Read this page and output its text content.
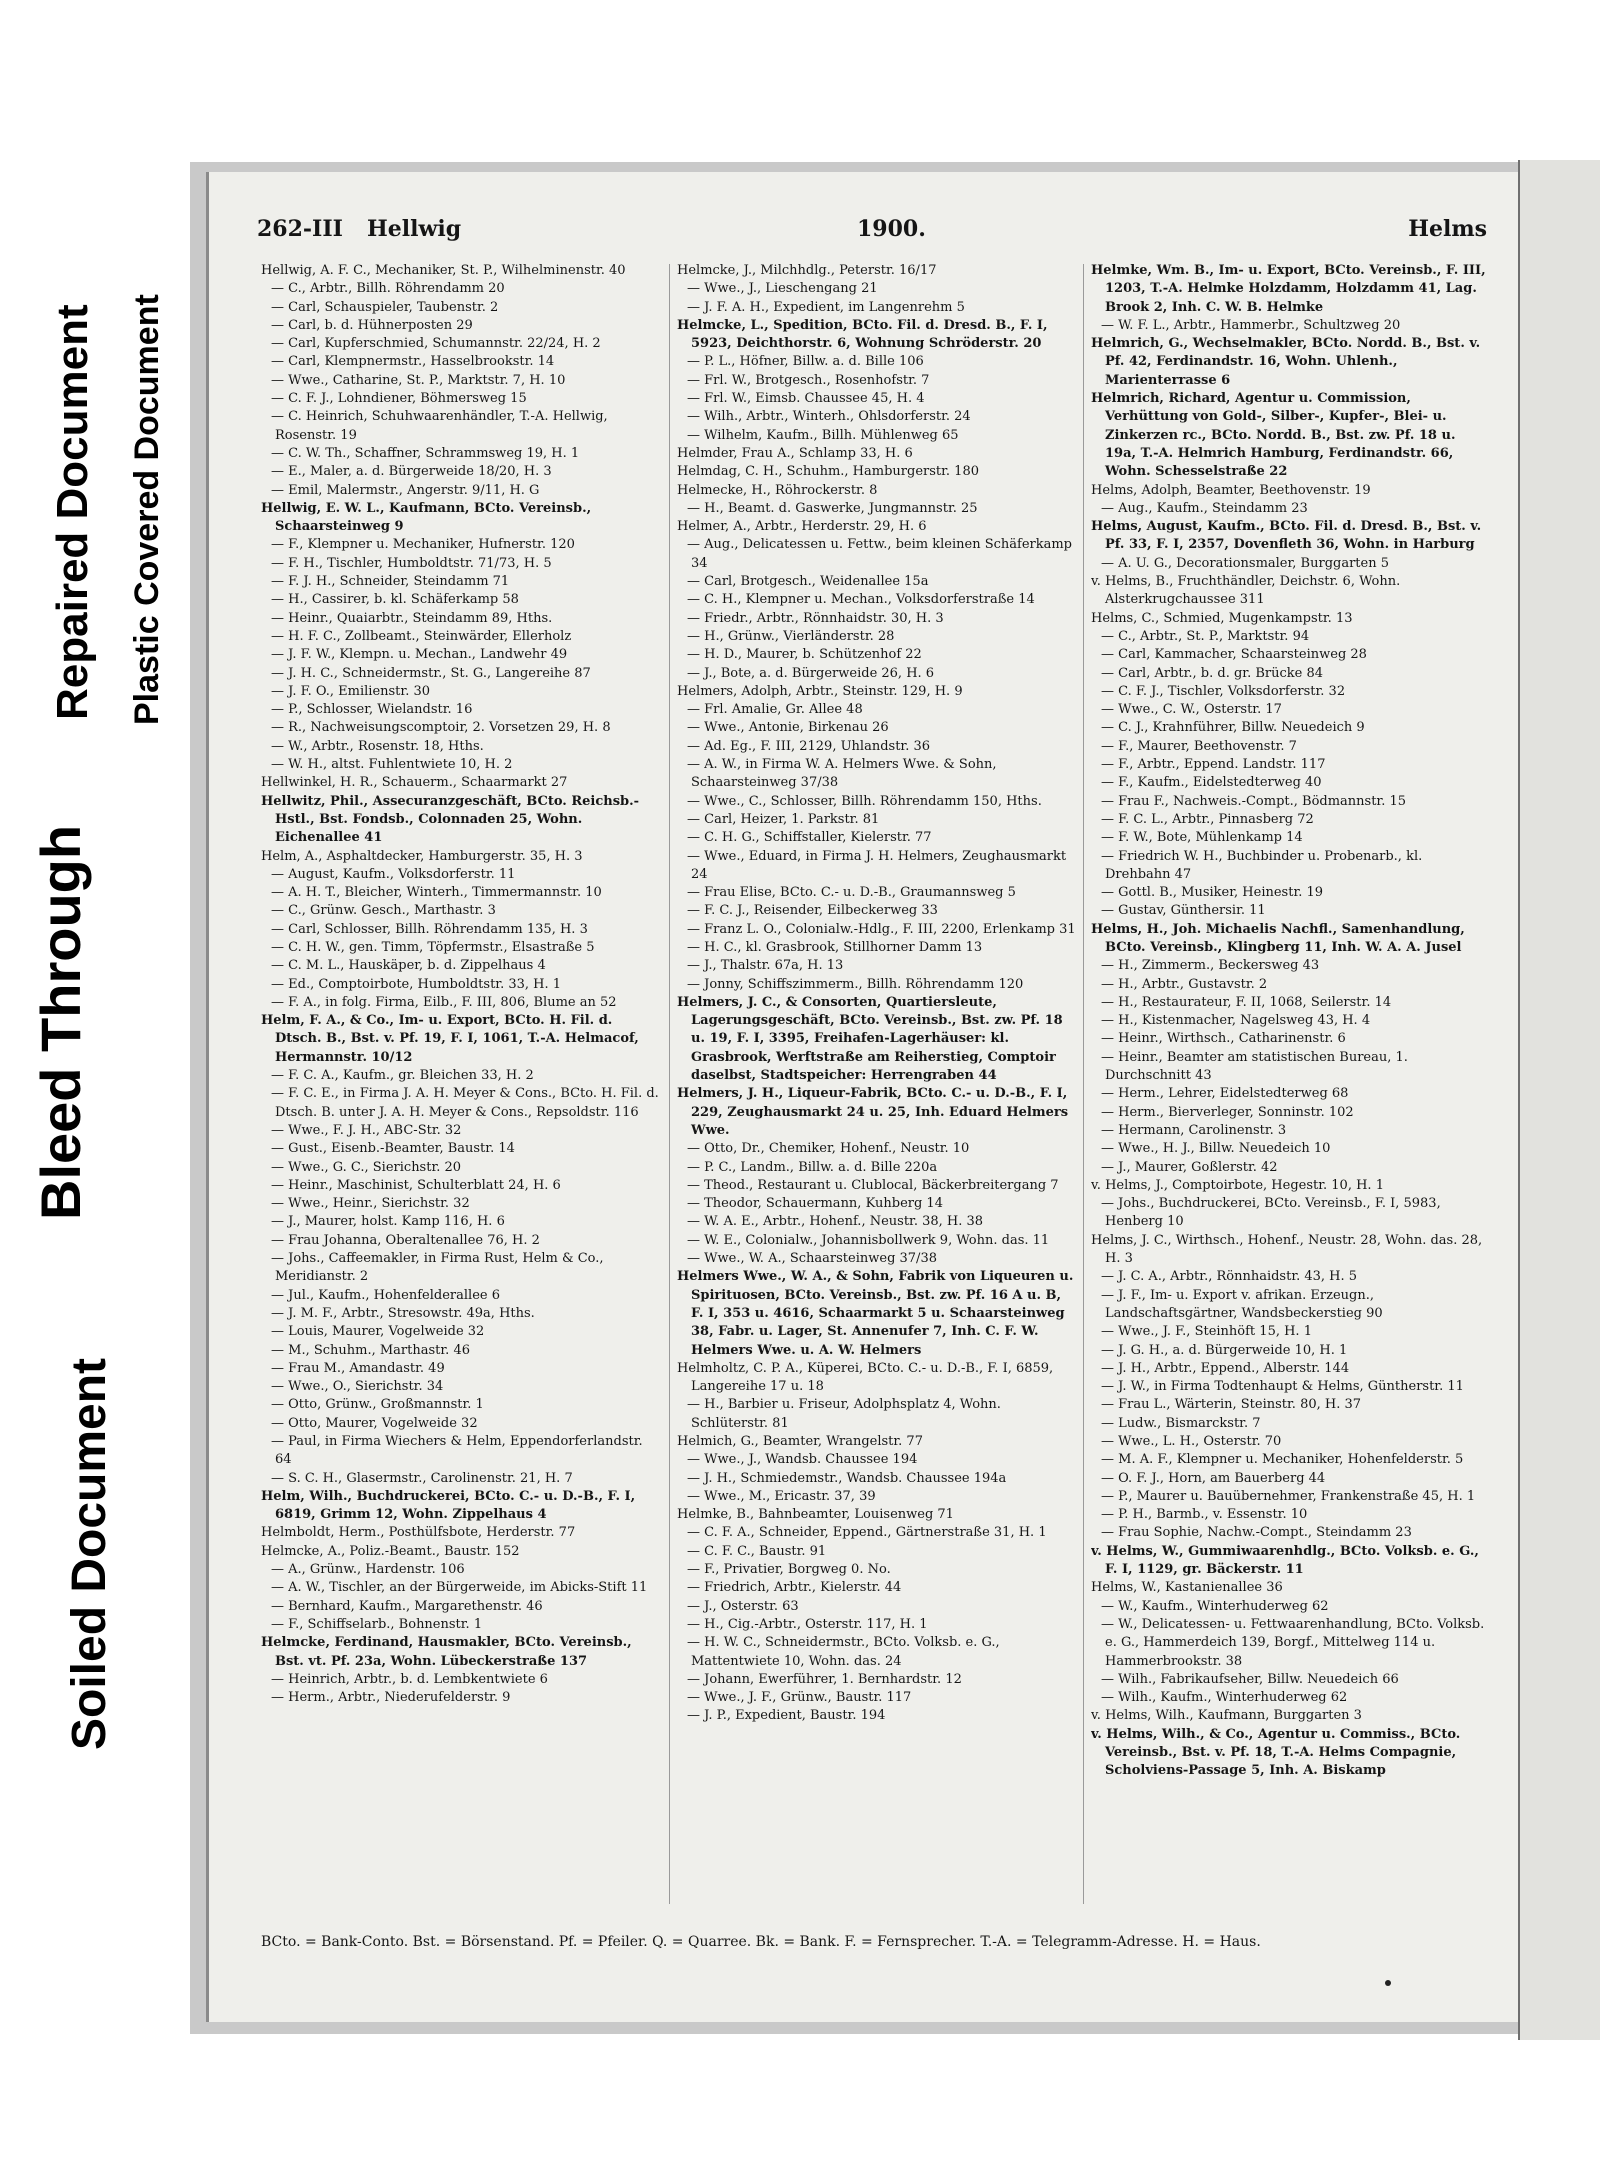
Soiled Document
Bleed Through
Repaired Document Plastic Covered Document
262-III Hellwig	1900.	Helms

Hellwig, A. F. C., Mechaniker, St. P., Wilhelminenstr. 40

— C., Arbtr., Billh. Röhrendamm 20

— Carl, Schauspieler, Taubenstr. 2

— Carl, b. d. Hühnerposten 29

— Carl, Kupferschmied, Schumannstr. 22/24, H. 2

— Carl, Klempnermstr., Hasselbrookstr. 14

— Wwe., Catharine, St. P., Marktstr. 7, H. 10

— C. F. J., Lohndiener, Böhmersweg 15

— C. Heinrich, Schuhwaarenhändler, T.-A. Hellwig, Rosenstr. 19

— C. W. Th., Schaffner, Schrammsweg 19, H. 1

— E., Maler, a. d. Bürgerweide 18/20, H. 3

— Emil, Malermstr., Angerstr. 9/11, H. G

Hellwig, E. W. L., Kaufmann, BCto. Vereinsb., Schaarsteinweg 9

— F., Klempner u. Mechaniker, Hufnerstr. 120

— F. H., Tischler, Humboldtstr. 71/73, H. 5

— F. J. H., Schneider, Steindamm 71

— H., Cassirer, b. kl. Schäferkamp 58

— Heinr., Quaiarbtr., Steindamm 89, Hths.

— H. F. C., Zollbeamt., Steinwärder, Ellerholz

— J. F. W., Klempn. u. Mechan., Landwehr 49

— J. H. C., Schneidermstr., St. G., Langereihe 87

— J. F. O., Emilienstr. 30

— P., Schlosser, Wielandstr. 16

— R., Nachweisungscomptoir, 2. Vorsetzen 29, H. 8

— W., Arbtr., Rosenstr. 18, Hths.

— W. H., altst. Fuhlentwiete 10, H. 2

Hellwinkel, H. R., Schauerm., Schaarmarkt 27

Hellwitz, Phil., Assecuranzgeschäft, BCto. Reichsb.-Hstl., Bst. Fondsb., Colonnaden 25, Wohn. Eichenallee 41

Helm, A., Asphaltdecker, Hamburgerstr. 35, H. 3

— August, Kaufm., Volksdorferstr. 11

— A. H. T., Bleicher, Winterh., Timmermannstr. 10

— C., Grünw. Gesch., Marthastr. 3

— Carl, Schlosser, Billh. Röhrendamm 135, H. 3

— C. H. W., gen. Timm, Töpfermstr., Elsastraße 5

— C. M. L., Hauskäper, b. d. Zippelhaus 4

— Ed., Comptoirbote, Humboldtstr. 33, H. 1

— F. A., in folg. Firma, Eilb., F. III, 806, Blume an 52

Helm, F. A., & Co., Im- u. Export, BCto. H. Fil. d. Dtsch. B., Bst. v. Pf. 19, F. I, 1061, T.-A. Helmacof, Hermannstr. 10/12

— F. C. A., Kaufm., gr. Bleichen 33, H. 2

— F. C. E., in Firma J. A. H. Meyer & Cons., BCto. H. Fil. d. Dtsch. B. unter J. A. H. Meyer & Cons., Repsoldstr. 116

— Wwe., F. J. H., ABC-Str. 32

— Gust., Eisenb.-Beamter, Baustr. 14

— Wwe., G. C., Sierichstr. 20

— Heinr., Maschinist, Schulterblatt 24, H. 6

— Wwe., Heinr., Sierichstr. 32

— J., Maurer, holst. Kamp 116, H. 6

— Frau Johanna, Oberaltenallee 76, H. 2

— Johs., Caffeemakler, in Firma Rust, Helm & Co., Meridianstr. 2

— Jul., Kaufm., Hohenfelderallee 6

— J. M. F., Arbtr., Stresowstr. 49a, Hths.

— Louis, Maurer, Vogelweide 32

— M., Schuhm., Marthastr. 46

— Frau M., Amandastr. 49

— Wwe., O., Sierichstr. 34

— Otto, Grünw., Großmannstr. 1

— Otto, Maurer, Vogelweide 32

— Paul, in Firma Wiechers & Helm, Eppendorferlandstr. 64

— S. C. H., Glasermstr., Carolinenstr. 21, H. 7

Helm, Wilh., Buchdruckerei, BCto. C.- u. D.-B., F. I, 6819, Grimm 12, Wohn. Zippelhaus 4

Helmboldt, Herm., Posthülfsbote, Herderstr. 77

Helmcke, A., Poliz.-Beamt., Baustr. 152

— A., Grünw., Hardenstr. 106

— A. W., Tischler, an der Bürgerweide, im Abicks-Stift 11

— Bernhard, Kaufm., Margarethenstr. 46

— F., Schiffselarb., Bohnenstr. 1

Helmcke, Ferdinand, Hausmakler, BCto. Vereinsb., Bst. vt. Pf. 23a, Wohn. Lübeckerstraße 137

— Heinrich, Arbtr., b. d. Lembkentwiete 6

— Herm., Arbtr., Niederufelderstr. 9

Helmcke, J., Milchhdlg., Peterstr. 16/17

— Wwe., J., Lieschengang 21

— J. F. A. H., Expedient, im Langenrehm 5

Helmcke, L., Spedition, BCto. Fil. d. Dresd. B., F. I, 5923, Deichthorstr. 6, Wohnung Schröderstr. 20

— P. L., Höfner, Billw. a. d. Bille 106

— Frl. W., Brotgesch., Rosenhofstr. 7

— Frl. W., Eimsb. Chaussee 45, H. 4

— Wilh., Arbtr., Winterh., Ohlsdorferstr. 24

— Wilhelm, Kaufm., Billh. Mühlenweg 65

Helmder, Frau A., Schlamp 33, H. 6

Helmdag, C. H., Schuhm., Hamburgerstr. 180

Helmecke, H., Röhrockerstr. 8

— H., Beamt. d. Gaswerke, Jungmannstr. 25

Helmer, A., Arbtr., Herderstr. 29, H. 6

— Aug., Delicatessen u. Fettw., beim kleinen Schäferkamp 34

— Carl, Brotgesch., Weidenallee 15a

— C. H., Klempner u. Mechan., Volksdorferstraße 14

— Friedr., Arbtr., Rönnhaidstr. 30, H. 3

— H., Grünw., Vierländerstr. 28

— H. D., Maurer, b. Schützenhof 22

— J., Bote, a. d. Bürgerweide 26, H. 6

Helmers, Adolph, Arbtr., Steinstr. 129, H. 9

— Frl. Amalie, Gr. Allee 48

— Wwe., Antonie, Birkenau 26

— Ad. Eg., F. III, 2129, Uhlandstr. 36

— A. W., in Firma W. A. Helmers Wwe. & Sohn, Schaarsteinweg 37/38

— Wwe., C., Schlosser, Billh. Röhrendamm 150, Hths.

— Carl, Heizer, 1. Parkstr. 81

— C. H. G., Schiffstaller, Kielerstr. 77

— Wwe., Eduard, in Firma J. H. Helmers, Zeughausmarkt 24

— Frau Elise, BCto. C.- u. D.-B., Graumannsweg 5

— F. C. J., Reisender, Eilbeckerweg 33

— Franz L. O., Colonialw.-Hdlg., F. III, 2200, Erlenkamp 31

— H. C., kl. Grasbrook, Stillhorner Damm 13

— J., Thalstr. 67a, H. 13

— Jonny, Schiffszimmerm., Billh. Röhrendamm 120

Helmers, J. C., & Consorten, Quartiersleute, Lagerungsgeschäft, BCto. Vereinsb., Bst. zw. Pf. 18 u. 19, F. I, 3395, Freihafen-Lagerhäuser: kl. Grasbrook, Werftstraße am Reiherstieg, Comptoir daselbst, Stadtspeicher: Herrengraben 44

Helmers, J. H., Liqueur-Fabrik, BCto. C.- u. D.-B., F. I, 229, Zeughausmarkt 24 u. 25, Inh. Eduard Helmers Wwe.

— Otto, Dr., Chemiker, Hohenf., Neustr. 10

— P. C., Landm., Billw. a. d. Bille 220a

— Theod., Restaurant u. Clublocal, Bäckerbreitergang 7

— Theodor, Schauermann, Kuhberg 14

— W. A. E., Arbtr., Hohenf., Neustr. 38, H. 38

— W. E., Colonialw., Johannisbollwerk 9, Wohn. das. 11

— Wwe., W. A., Schaarsteinweg 37/38

Helmers Wwe., W. A., & Sohn, Fabrik von Liqueuren u. Spirituosen, BCto. Vereinsb., Bst. zw. Pf. 16 A u. B, F. I, 353 u. 4616, Schaarmarkt 5 u. Schaarsteinweg 38, Fabr. u. Lager, St. Annenufer 7, Inh. C. F. W. Helmers Wwe. u. A. W. Helmers

Helmholtz, C. P. A., Küperei, BCto. C.- u. D.-B., F. I, 6859, Langereihe 17 u. 18

— H., Barbier u. Friseur, Adolphsplatz 4, Wohn. Schlüterstr. 81

Helmich, G., Beamter, Wrangelstr. 77

— Wwe., J., Wandsb. Chaussee 194

— J. H., Schmiedemstr., Wandsb. Chaussee 194a

— Wwe., M., Ericastr. 37, 39

Helmke, B., Bahnbeamter, Louisenweg 71

— C. F. A., Schneider, Eppend., Gärtnerstraße 31, H. 1

— C. F. C., Baustr. 91

— F., Privatier, Borgweg 0. No.

— Friedrich, Arbtr., Kielerstr. 44

— J., Osterstr. 63

— H., Cig.-Arbtr., Osterstr. 117, H. 1

— H. W. C., Schneidermstr., BCto. Volksb. e. G., Mattentwiete 10, Wohn. das. 24

— Johann, Ewerführer, 1. Bernhardstr. 12

— Wwe., J. F., Grünw., Baustr. 117

— J. P., Expedient, Baustr. 194

Helmke, Wm. B., Im- u. Export, BCto. Vereinsb., F. III, 1203, T.-A. Helmke Holzdamm, Holzdamm 41, Lag. Brook 2, Inh. C. W. B. Helmke

— W. F. L., Arbtr., Hammerbr., Schultzweg 20

Helmrich, G., Wechselmakler, BCto. Nordd. B., Bst. v. Pf. 42, Ferdinandstr. 16, Wohn. Uhlenh., Marienterrasse 6

Helmrich, Richard, Agentur u. Commission, Verhüttung von Gold-, Silber-, Kupfer-, Blei- u. Zinkerzen rc., BCto. Nordd. B., Bst. zw. Pf. 18 u. 19a, T.-A. Helmrich Hamburg, Ferdinandstr. 66, Wohn. Schesselstraße 22

Helms, Adolph, Beamter, Beethovenstr. 19

— Aug., Kaufm., Steindamm 23

Helms, August, Kaufm., BCto. Fil. d. Dresd. B., Bst. v. Pf. 33, F. I, 2357, Dovenfleth 36, Wohn. in Harburg

— A. U. G., Decorationsmaler, Burggarten 5

v. Helms, B., Fruchthändler, Deichstr. 6, Wohn. Alsterkrugchaussee 311

Helms, C., Schmied, Mugenkampstr. 13

— C., Arbtr., St. P., Marktstr. 94

— Carl, Kammacher, Schaarsteinweg 28

— Carl, Arbtr., b. d. gr. Brücke 84

— C. F. J., Tischler, Volksdorferstr. 32

— Wwe., C. W., Osterstr. 17

— C. J., Krahnführer, Billw. Neuedeich 9

— F., Maurer, Beethovenstr. 7

— F., Arbtr., Eppend. Landstr. 117

— F., Kaufm., Eidelstedterweg 40

— Frau F., Nachweis.-Compt., Bödmannstr. 15

— F. C. L., Arbtr., Pinnasberg 72

— F. W., Bote, Mühlenkamp 14

— Friedrich W. H., Buchbinder u. Probenarb., kl. Drehbahn 47

— Gottl. B., Musiker, Heinestr. 19

— Gustav, Günthersir. 11

Helms, H., Joh. Michaelis Nachfl., Samenhandlung, BCto. Vereinsb., Klingberg 11, Inh. W. A. A. Jusel

— H., Zimmerm., Beckersweg 43

— H., Arbtr., Gustavstr. 2

— H., Restaurateur, F. II, 1068, Seilerstr. 14

— H., Kistenmacher, Nagelsweg 43, H. 4

— Heinr., Wirthsch., Catharinenstr. 6

— Heinr., Beamter am statistischen Bureau, 1. Durchschnitt 43

— Herm., Lehrer, Eidelstedterweg 68

— Herm., Bierverleger, Sonninstr. 102

— Hermann, Carolinenstr. 3

— Wwe., H. J., Billw. Neuedeich 10

— J., Maurer, Goßlerstr. 42

v. Helms, J., Comptoirbote, Hegestr. 10, H. 1

— Johs., Buchdruckerei, BCto. Vereinsb., F. I, 5983, Henberg 10

Helms, J. C., Wirthsch., Hohenf., Neustr. 28, Wohn. das. 28, H. 3

— J. C. A., Arbtr., Rönnhaidstr. 43, H. 5

— J. F., Im- u. Export v. afrikan. Erzeugn., Landschaftsgärtner, Wandsbeckerstieg 90

— Wwe., J. F., Steinhöft 15, H. 1

— J. G. H., a. d. Bürgerweide 10, H. 1

— J. H., Arbtr., Eppend., Alberstr. 144

— J. W., in Firma Todtenhaupt & Helms, Güntherstr. 11

— Frau L., Wärterin, Steinstr. 80, H. 37

— Ludw., Bismarckstr. 7

— Wwe., L. H., Osterstr. 70

— M. A. F., Klempner u. Mechaniker, Hohenfelderstr. 5

— O. F. J., Horn, am Bauerberg 44

— P., Maurer u. Bauübernehmer, Frankenstraße 45, H. 1

— P. H., Barmb., v. Essenstr. 10

— Frau Sophie, Nachw.-Compt., Steindamm 23

v. Helms, W., Gummiwaarenhdlg., BCto. Volksb. e. G., F. I, 1129, gr. Bäckerstr. 11

Helms, W., Kastanienallee 36

— W., Kaufm., Winterhuderweg 62

— W., Delicatessen- u. Fettwaarenhandlung, BCto. Volksb. e. G., Hammerdeich 139, Borgf., Mittelweg 114 u. Hammerbrookstr. 38

— Wilh., Fabrikaufseher, Billw. Neuedeich 66

— Wilh., Kaufm., Winterhuderweg 62

v. Helms, Wilh., Kaufmann, Burggarten 3

v. Helms, Wilh., & Co., Agentur u. Commiss., BCto. Vereinsb., Bst. v. Pf. 18, T.-A. Helms Compagnie, Scholviens-Passage 5, Inh. A. Biskamp

BCto. = Bank-Conto. Bst. = Börsenstand. Pf. = Pfeiler. Q. = Quarree. Bk. = Bank. F. = Fernsprecher. T.-A. = Telegramm-Adresse. H. = Haus.
